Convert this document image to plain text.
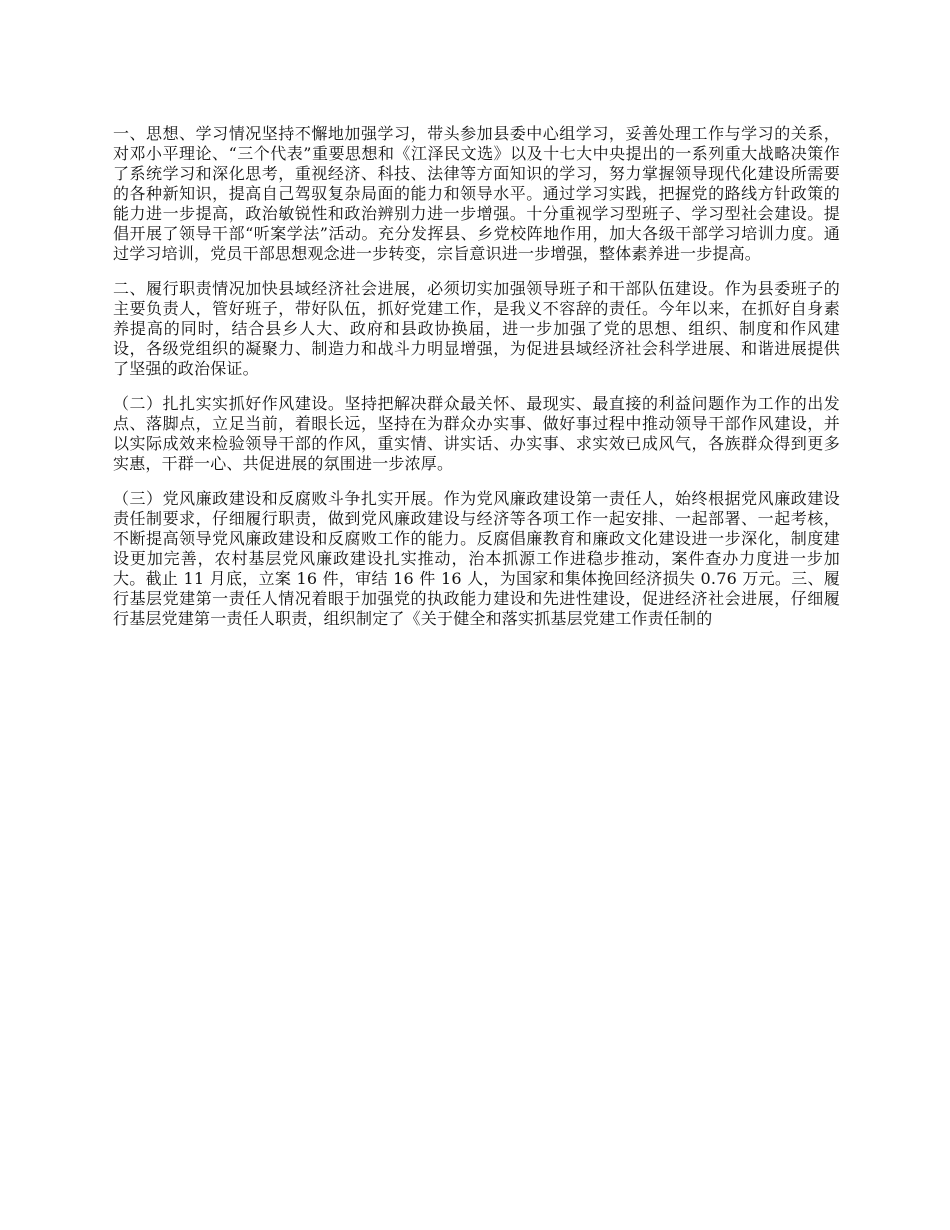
一、思想、学习情况坚持不懈地加强学习，带头参加县委中心组学习，妥善处理工作与学习的关系，对邓小平理论、“三个代表”重要思想和《江泽民文选》以及十七大中央提出的一系列重大战略决策作了系统学习和深化思考，重视经济、科技、法律等方面知识的学习，努力掌握领导现代化建设所需要的各种新知识，提高自己驾驭复杂局面的能力和领导水平。通过学习实践，把握党的路线方针政策的能力进一步提高，政治敏锐性和政治辨别力进一步增强。十分重视学习型班子、学习型社会建设。提倡开展了领导干部“听案学法”活动。充分发挥县、乡党校阵地作用，加大各级干部学习培训力度。通过学习培训，党员干部思想观念进一步转变，宗旨意识进一步增强，整体素养进一步提高。

二、履行职责情况加快县域经济社会进展，必须切实加强领导班子和干部队伍建设。作为县委班子的主要负责人，管好班子，带好队伍，抓好党建工作，是我义不容辞的责任。今年以来，在抓好自身素养提高的同时，结合县乡人大、政府和县政协换届，进一步加强了党的思想、组织、制度和作风建设，各级党组织的凝聚力、制造力和战斗力明显增强，为促进县域经济社会科学进展、和谐进展提供了坚强的政治保证。

（二）扎扎实实抓好作风建设。坚持把解决群众最关怀、最现实、最直接的利益问题作为工作的出发点、落脚点，立足当前，着眼长远，坚持在为群众办实事、做好事过程中推动领导干部作风建设，并以实际成效来检验领导干部的作风，重实情、讲实话、办实事、求实效已成风气，各族群众得到更多实惠，干群一心、共促进展的氛围进一步浓厚。

（三）党风廉政建设和反腐败斗争扎实开展。作为党风廉政建设第一责任人，始终根据党风廉政建设责任制要求，仔细履行职责，做到党风廉政建设与经济等各项工作一起安排、一起部署、一起考核，不断提高领导党风廉政建设和反腐败工作的能力。反腐倡廉教育和廉政文化建设进一步深化，制度建设更加完善，农村基层党风廉政建设扎实推动，治本抓源工作进稳步推动，案件查办力度进一步加大。截止 11 月底，立案 16 件，审结 16 件 16 人，为国家和集体挽回经济损失 0.76 万元。三、履行基层党建第一责任人情况着眼于加强党的执政能力建设和先进性建设，促进经济社会进展，仔细履行基层党建第一责任人职责，组织制定了《关于健全和落实抓基层党建工作责任制的
